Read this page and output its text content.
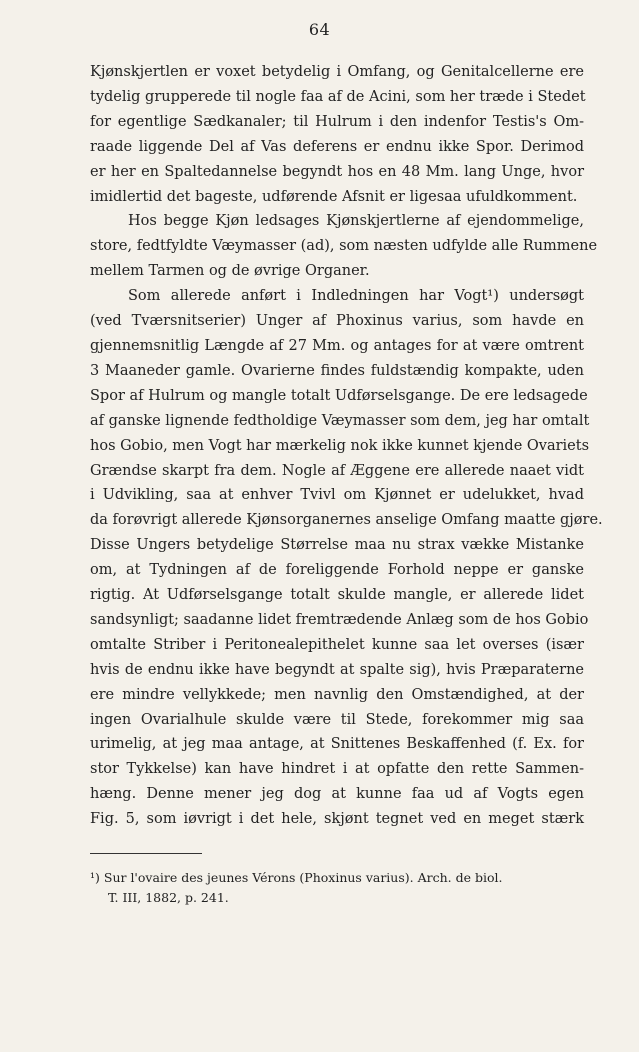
64
Kjønskjertlen er voxet betydelig i Omfang, og Genitalcellerne ere
tydelig grupperede til nogle faa af de Acini, som her træde i Stedet
for egentlige Sædkanaler; til Hulrum i den indenfor Testis's Om-
raade liggende Del af Vas deferens er endnu ikke Spor. Derimod
er her en Spaltedannelse begyndt hos en 48 Mm. lang Unge, hvor
imidlertid det bageste, udførende Afsnit er ligesaa ufuldkomment.
Hos begge Kjøn ledsages Kjønskjertlerne af ejendommelige,
store, fedtfyldte Væymasser (ad), som næsten udfylde alle Rummene
mellem Tarmen og de øvrige Organer.
Som allerede anført i Indledningen har Vogt¹) undersøgt
(ved Tværsnitserier) Unger af Phoxinus varius, som havde en
gjennemsnitlig Længde af 27 Mm. og antages for at være omtrent
3 Maaneder gamle. Ovarierne findes fuldstændig kompakte, uden
Spor af Hulrum og mangle totalt Udførselsgange. De ere ledsagede
af ganske lignende fedtholdige Væymasser som dem, jeg har omtalt
hos Gobio, men Vogt har mærkelig nok ikke kunnet kjende Ovariets
Grændse skarpt fra dem. Nogle af Æggene ere allerede naaet vidt
i Udvikling, saa at enhver Tvivl om Kjønnet er udelukket, hvad
da forøvrigt allerede Kjønsorganernes anselige Omfang maatte gjøre.
Disse Ungers betydelige Størrelse maa nu strax vække Mistanke
om, at Tydningen af de foreliggende Forhold neppe er ganske
rigtig. At Udførselsgange totalt skulde mangle, er allerede lidet
sandsynligt; saadanne lidet fremtrædende Anlæg som de hos Gobio
omtalte Striber i Peritonealepithelet kunne saa let overses (især
hvis de endnu ikke have begyndt at spalte sig), hvis Præparaterne
ere mindre vellykkede; men navnlig den Omstændighed, at der
ingen Ovarialhule skulde være til Stede, forekommer mig saa
urimelig, at jeg maa antage, at Snittenes Beskaffenhed (f. Ex. for
stor Tykkelse) kan have hindret i at opfatte den rette Sammen-
hæng. Denne mener jeg dog at kunne faa ud af Vogts egen
Fig. 5, som iøvrigt i det hele, skjønt tegnet ved en meget stærk
¹) Sur l'ovaire des jeunes Vérons (Phoxinus varius). Arch. de biol.
T. III, 1882, p. 241.
